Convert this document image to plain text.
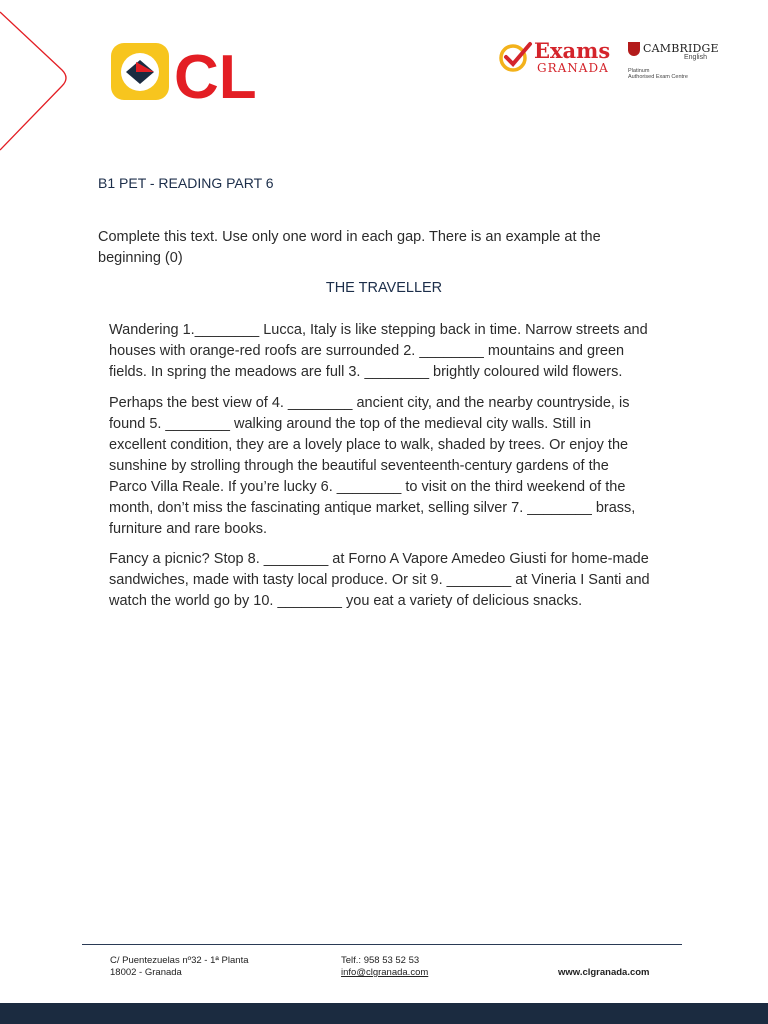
CL	Exams
GRANADA
CAMBRIDGE
English
Platinum
Authorised Exam Centre
B1 PET - READING PART 6
Complete this text. Use only one word in each gap. There is an example at the beginning (0)
THE TRAVELLER
Wandering 1.________ Lucca, Italy is like stepping back in time. Narrow streets and
houses with orange-red roofs are surrounded 2. ________ mountains and green
fields. In spring the meadows are full 3. ________ brightly coloured wild flowers.
Perhaps the best view of 4. ________ ancient city, and the nearby countryside, is
found 5. ________ walking around the top of the medieval city walls. Still in
excellent condition, they are a lovely place to walk, shaded by trees. Or enjoy the
sunshine by strolling through the beautiful seventeenth-century gardens of the
Parco Villa Reale. If you’re lucky 6. ________ to visit on the third weekend of the
month, don’t miss the fascinating antique market, selling silver 7. ________ brass,
furniture and rare books.
Fancy a picnic? Stop 8. ________ at Forno A Vapore Amedeo Giusti for home-made
sandwiches, made with tasty local produce. Or sit 9. ________ at Vineria I Santi and
watch the world go by 10. ________ you eat a variety of delicious snacks.
C/ Puentezuelas nº32 - 1ª Planta
18002 - Granada
Telf.: 958 53 52 53
info@clgranada.com	www.clgranada.com
